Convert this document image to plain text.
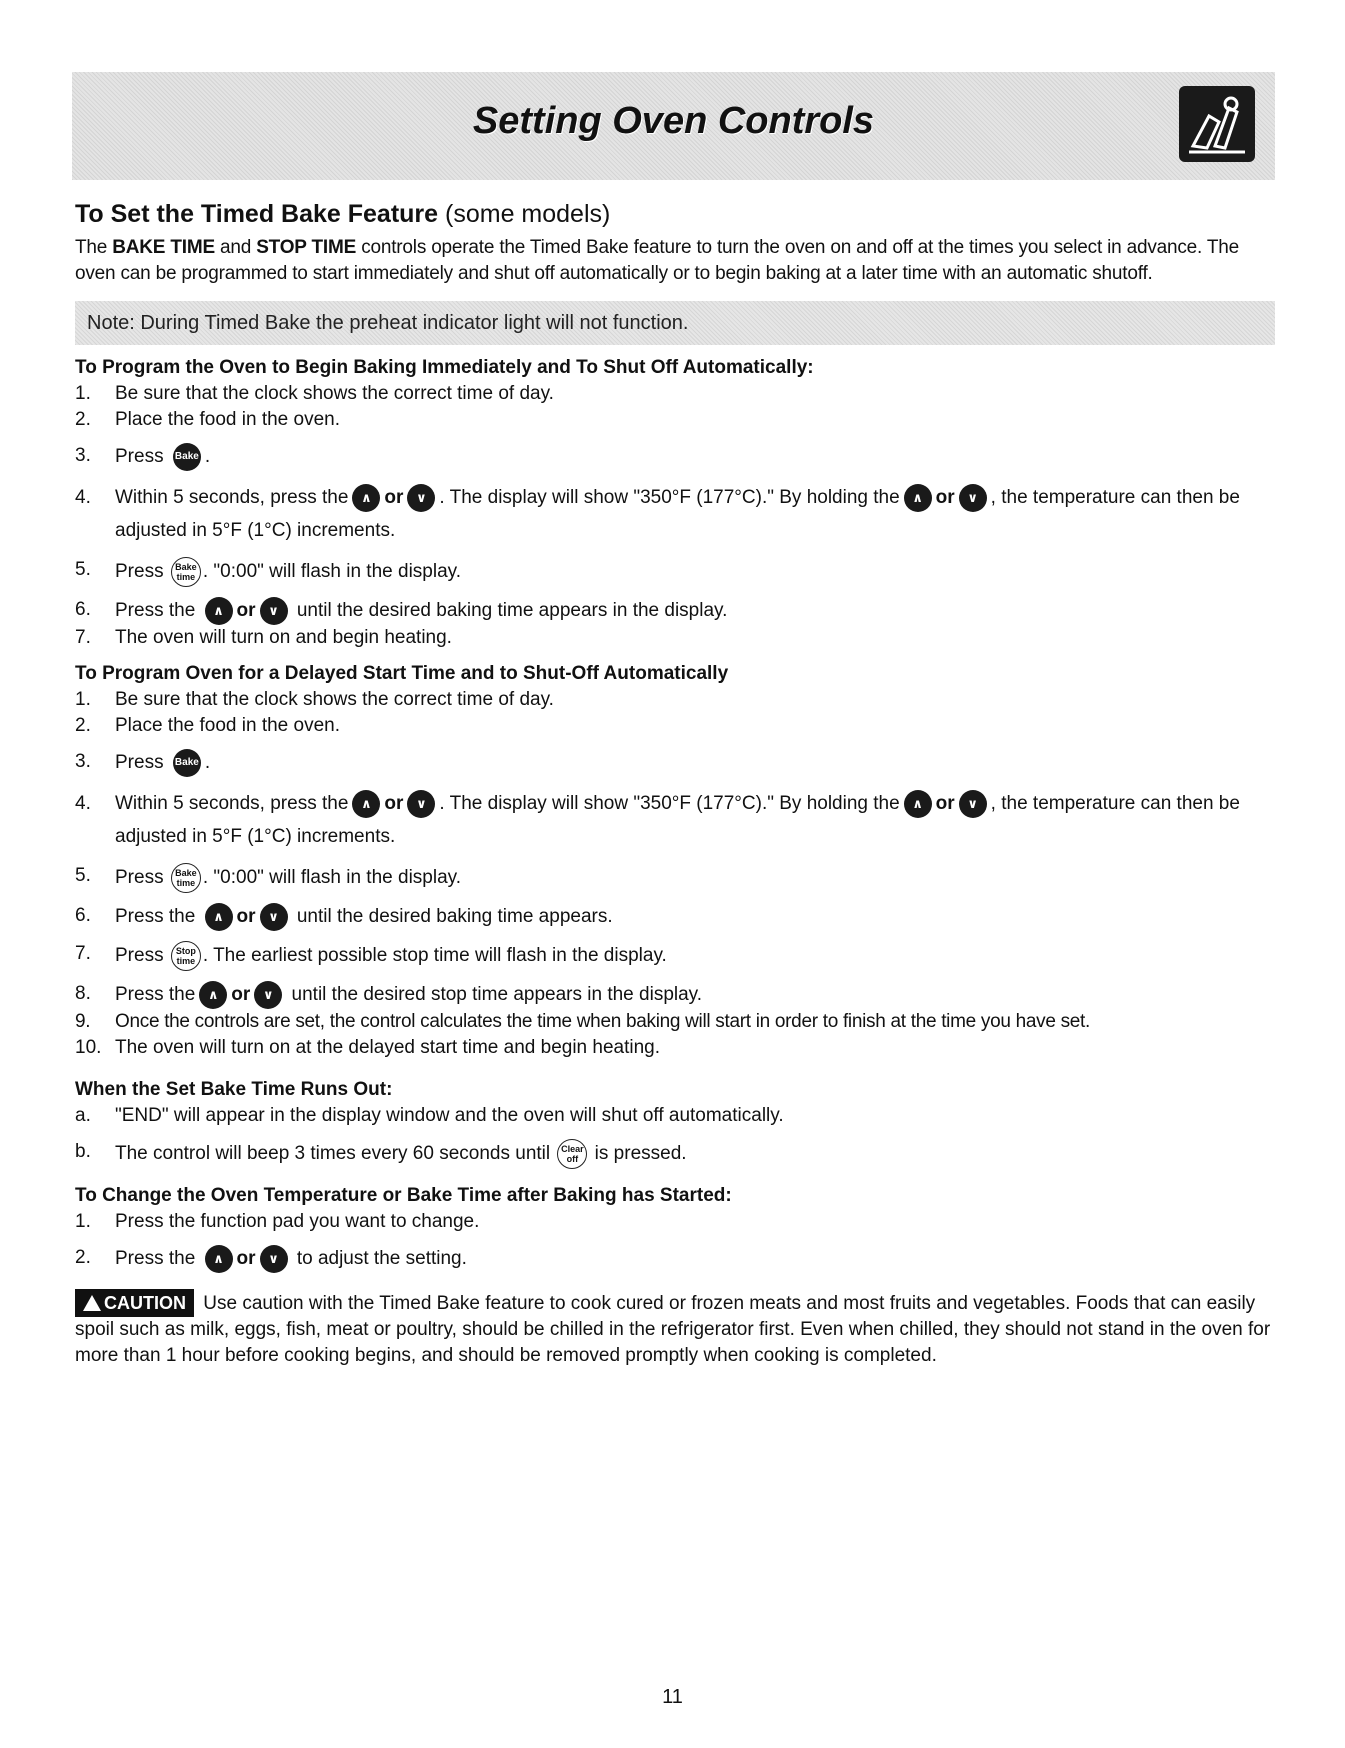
Setting Oven Controls
To Set the Timed Bake Feature (some models)

The BAKE TIME and STOP TIME controls operate the Timed Bake feature to turn the oven on and off at the times you select in advance. The oven can be programmed to start immediately and shut off automatically or to begin baking at a later time with an automatic shutoff.

Note: During Timed Bake the preheat indicator light will not function.
To Program the Oven to Begin Baking Immediately and To Shut Off Automatically:
1. Be sure that the clock shows the correct time of day.
2. Place the food in the oven.
3. Press Bake .
4. Within 5 seconds, press the ∧ or ∨ . The display will show "350°F (177°C)." By holding the ∧ or ∨ , the temperature can then be adjusted in 5°F (1°C) increments.
5. Press Bake time . "0:00" will flash in the display.
6. Press the ∧ or ∨ until the desired baking time appears in the display.
7. The oven will turn on and begin heating.
To Program Oven for a Delayed Start Time and to Shut-Off Automatically
1. Be sure that the clock shows the correct time of day.
2. Place the food in the oven.
3. Press Bake .
4. Within 5 seconds, press the ∧ or ∨ . The display will show "350°F (177°C)." By holding the ∧ or ∨ , the temperature can then be adjusted in 5°F (1°C) increments.
5. Press Bake time . "0:00" will flash in the display.
6. Press the ∧ or ∨ until the desired baking time appears.
7. Press Stop time . The earliest possible stop time will flash in the display.
8. Press the ∧ or ∨ until the desired stop time appears in the display.
9. Once the controls are set, the control calculates the time when baking will start in order to finish at the time you have set.
10. The oven will turn on at the delayed start time and begin heating.
When the Set Bake Time Runs Out:
a. "END" will appear in the display window and the oven will shut off automatically.
b. The control will beep 3 times every 60 seconds until Clear off is pressed.
To Change the Oven Temperature or Bake Time after Baking has Started:
1. Press the function pad you want to change.
2. Press the ∧ or ∨ to adjust the setting.
CAUTION Use caution with the Timed Bake feature to cook cured or frozen meats and most fruits and vegetables. Foods that can easily spoil such as milk, eggs, fish, meat or poultry, should be chilled in the refrigerator first. Even when chilled, they should not stand in the oven for more than 1 hour before cooking begins, and should be removed promptly when cooking is completed.
11
